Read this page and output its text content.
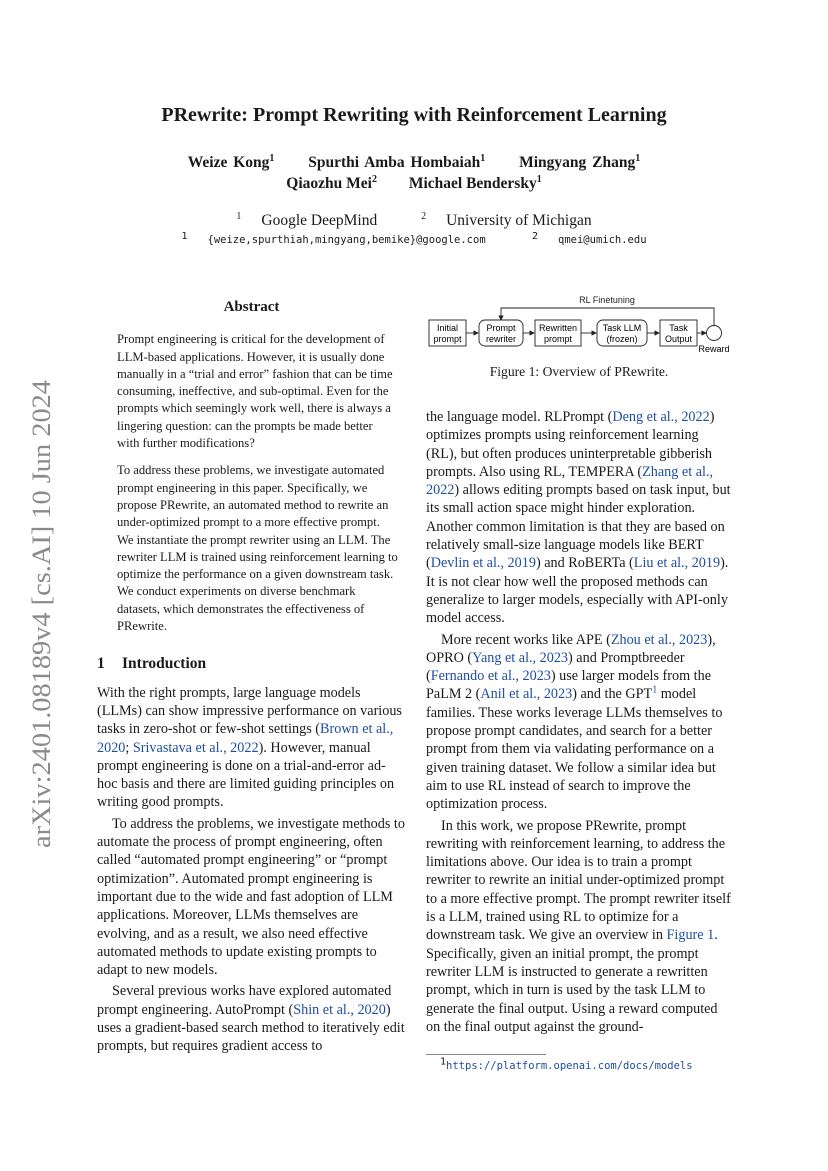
arXiv:2401.08189v4 [cs.AI] 10 Jun 2024
PRewrite: Prompt Rewriting with Reinforcement Learning
Weize Kong$^1$ Spurthi Amba Hombaiah$^1$ Mingyang Zhang$^1$
Qiaozhu Mei$^2$ Michael Bendersky$^1$
$^1$ Google DeepMind	$^2$ University of Michigan
1 {weize,spurthiah,mingyang,bemike}@google.com	2 qmei@umich.edu
Abstract

Prompt engineering is critical for the development of LLM-based applications. However, it is usually done manually in a “trial and error” fashion that can be time consuming, ineffective, and sub-optimal. Even for the prompts which seemingly work well, there is always a lingering question: can the prompts be made better with further modifications?

To address these problems, we investigate automated prompt engineering in this paper. Specifically, we propose PRewrite, an automated method to rewrite an under-optimized prompt to a more effective prompt. We instantiate the prompt rewriter using an LLM. The rewriter LLM is trained using reinforcement learning to optimize the performance on a given downstream task. We conduct experiments on diverse benchmark datasets, which demonstrates the effectiveness of PRewrite.

1 Introduction

With the right prompts, large language models (LLMs) can show impressive performance on various tasks in zero-shot or few-shot settings (Brown et al., 2020; Srivastava et al., 2022). However, manual prompt engineering is done on a trial-and-error ad-hoc basis and there are limited guiding principles on writing good prompts.

To address the problems, we investigate methods to automate the process of prompt engineering, often called “automated prompt engineering” or “prompt optimization”. Automated prompt engineering is important due to the wide and fast adoption of LLM applications. Moreover, LLMs themselves are evolving, and as a result, we also need effective automated methods to update existing prompts to adapt to new models.

Several previous works have explored automated prompt engineering. AutoPrompt (Shin et al., 2020) uses a gradient-based search method to iteratively edit prompts, but requires gradient access to

RL Finetuning
Initial
prompt
Prompt
rewriter
Rewritten
prompt
Task LLM
(frozen)
Task
Output
Reward
Figure 1: Overview of PRewrite.

the language model. RLPrompt (Deng et al., 2022) optimizes prompts using reinforcement learning (RL), but often produces uninterpretable gibberish prompts. Also using RL, TEMPERA (Zhang et al., 2022) allows editing prompts based on task input, but its small action space might hinder exploration. Another common limitation is that they are based on relatively small-size language models like BERT (Devlin et al., 2019) and RoBERTa (Liu et al., 2019). It is not clear how well the proposed methods can generalize to larger models, especially with API-only model access.

More recent works like APE (Zhou et al., 2023), OPRO (Yang et al., 2023) and Promptbreeder (Fernando et al., 2023) use larger models from the PaLM 2 (Anil et al., 2023) and the GPT$^1$ model families. These works leverage LLMs themselves to propose prompt candidates, and search for a better prompt from them via validating performance on a given training dataset. We follow a similar idea but aim to use RL instead of search to improve the optimization process.

In this work, we propose PRewrite, prompt rewriting with reinforcement learning, to address the limitations above. Our idea is to train a prompt rewriter to rewrite an initial under-optimized prompt to a more effective prompt. The prompt rewriter itself is a LLM, trained using RL to optimize for a downstream task. We give an overview in Figure 1. Specifically, given an initial prompt, the prompt rewriter LLM is instructed to generate a rewritten prompt, which in turn is used by the task LLM to generate the final output. Using a reward computed on the final output against the ground-

1https://platform.openai.com/docs/models
